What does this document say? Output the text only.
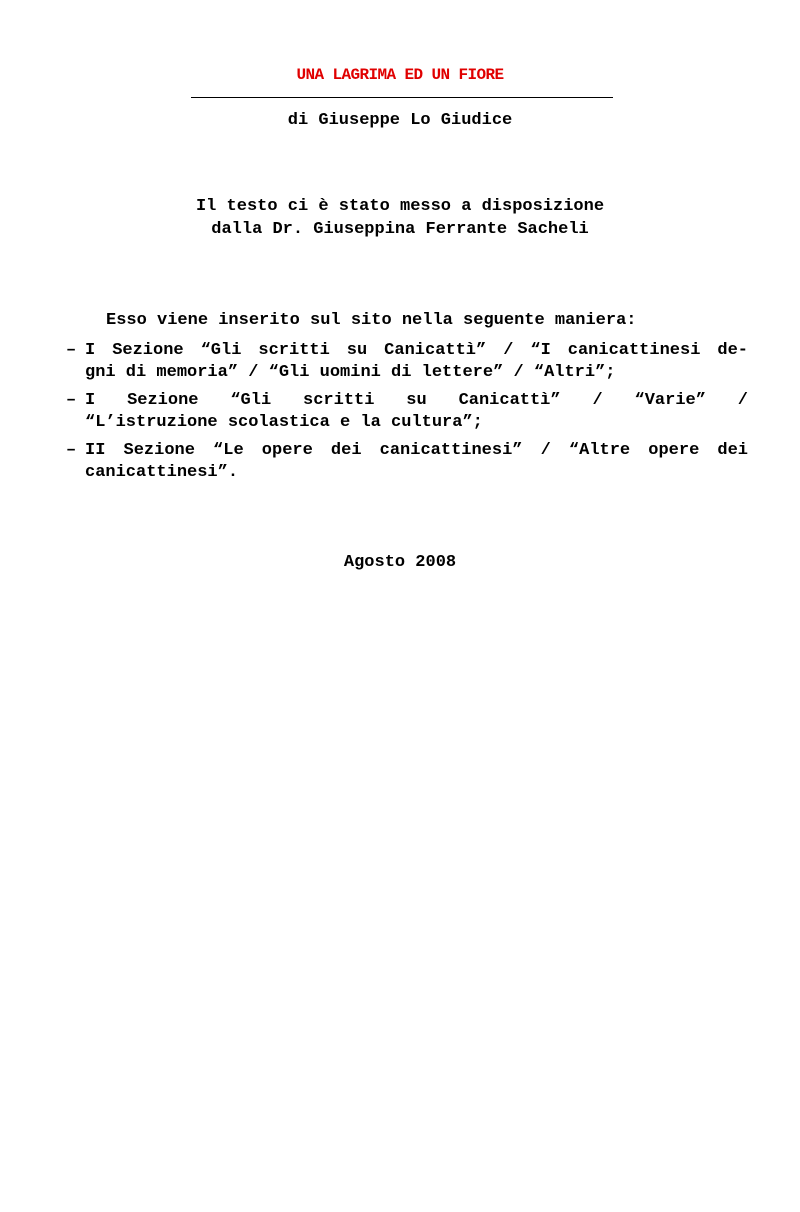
UNA LAGRIMA ED UN FIORE
di Giuseppe Lo Giudice
Il testo ci è stato messo a disposizione
dalla Dr. Giuseppina Ferrante Sacheli
Esso viene inserito sul sito nella seguente maniera:
– I Sezione “Gli scritti su Canicattì” / “I canicattinesi de-
gni di memoria” / “Gli uomini di lettere” / “Altri”;
– I Sezione “Gli scritti su Canicattì” / “Varie” /
“L’istruzione scolastica e la cultura”;
– II Sezione “Le opere dei canicattinesi” / “Altre opere dei
canicattinesi”.
Agosto 2008
